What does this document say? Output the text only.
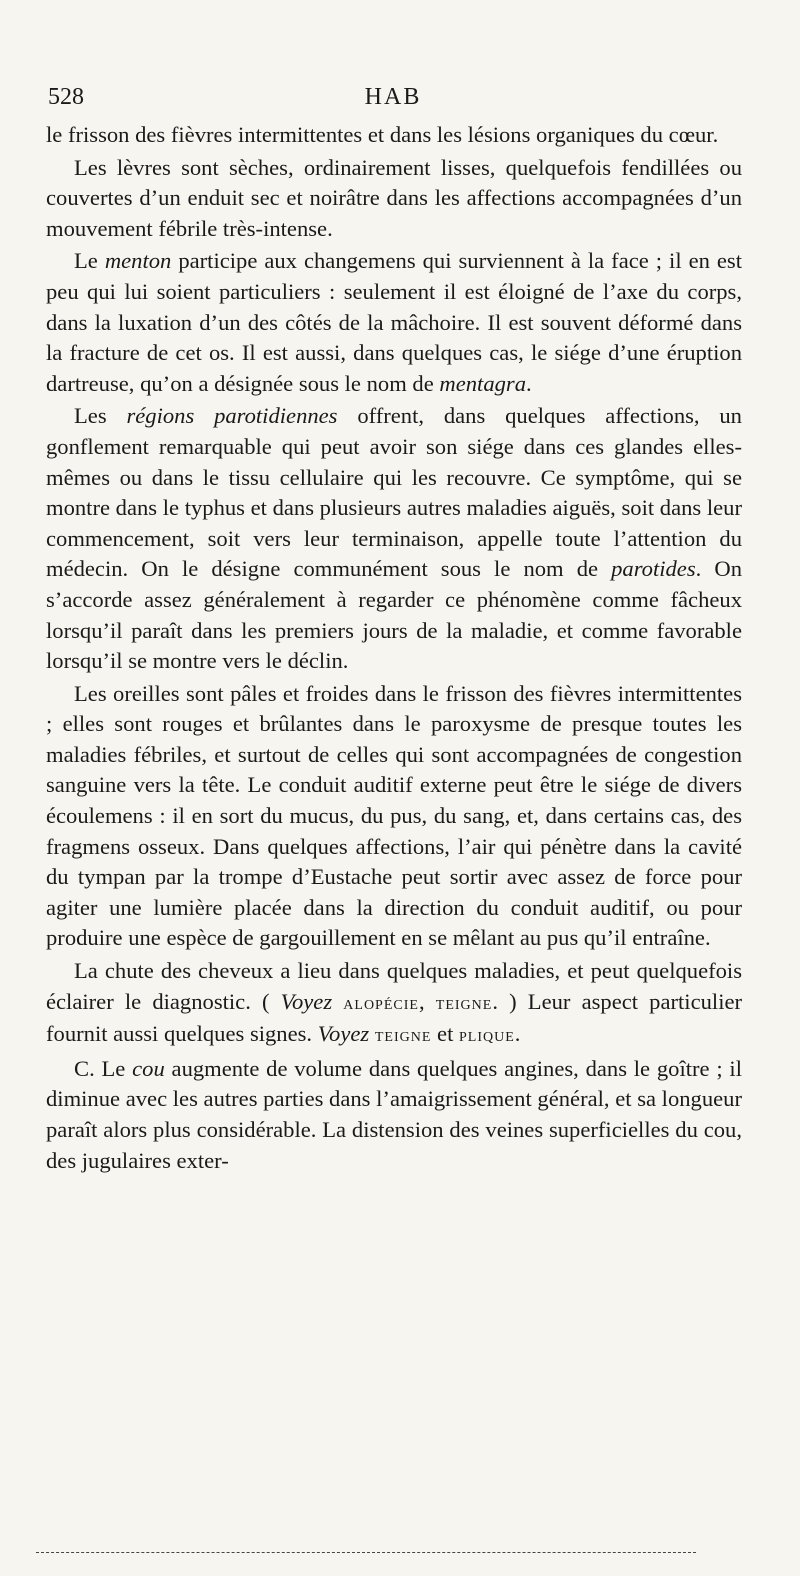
528	HAB

le frisson des fièvres intermittentes et dans les lésions organiques du cœur.

Les lèvres sont sèches, ordinairement lisses, quelquefois fendillées ou couvertes d’un enduit sec et noirâtre dans les affections accompagnées d’un mouvement fébrile très-intense.

Le menton participe aux changemens qui surviennent à la face ; il en est peu qui lui soient particuliers : seulement il est éloigné de l’axe du corps, dans la luxation d’un des côtés de la mâchoire. Il est souvent déformé dans la fracture de cet os. Il est aussi, dans quelques cas, le siége d’une éruption dartreuse, qu’on a désignée sous le nom de mentagra.

Les régions parotidiennes offrent, dans quelques affections, un gonflement remarquable qui peut avoir son siége dans ces glandes elles-mêmes ou dans le tissu cellulaire qui les recouvre. Ce symptôme, qui se montre dans le typhus et dans plusieurs autres maladies aiguës, soit dans leur commencement, soit vers leur terminaison, appelle toute l’attention du médecin. On le désigne communément sous le nom de parotides. On s’accorde assez généralement à regarder ce phénomène comme fâcheux lorsqu’il paraît dans les premiers jours de la maladie, et comme favorable lorsqu’il se montre vers le déclin.

Les oreilles sont pâles et froides dans le frisson des fièvres intermittentes ; elles sont rouges et brûlantes dans le paroxysme de presque toutes les maladies fébriles, et surtout de celles qui sont accompagnées de congestion sanguine vers la tête. Le conduit auditif externe peut être le siége de divers écoulemens : il en sort du mucus, du pus, du sang, et, dans certains cas, des fragmens osseux. Dans quelques affections, l’air qui pénètre dans la cavité du tympan par la trompe d’Eustache peut sortir avec assez de force pour agiter une lumière placée dans la direction du conduit auditif, ou pour produire une espèce de gargouillement en se mêlant au pus qu’il entraîne.

La chute des cheveux a lieu dans quelques maladies, et peut quelquefois éclairer le diagnostic. ( Voyez alopécie, teigne. ) Leur aspect particulier fournit aussi quelques signes. Voyez teigne et plique.

C. Le cou augmente de volume dans quelques angines, dans le goître ; il diminue avec les autres parties dans l’amaigrissement général, et sa longueur paraît alors plus considérable. La distension des veines superficielles du cou, des jugulaires exter-
